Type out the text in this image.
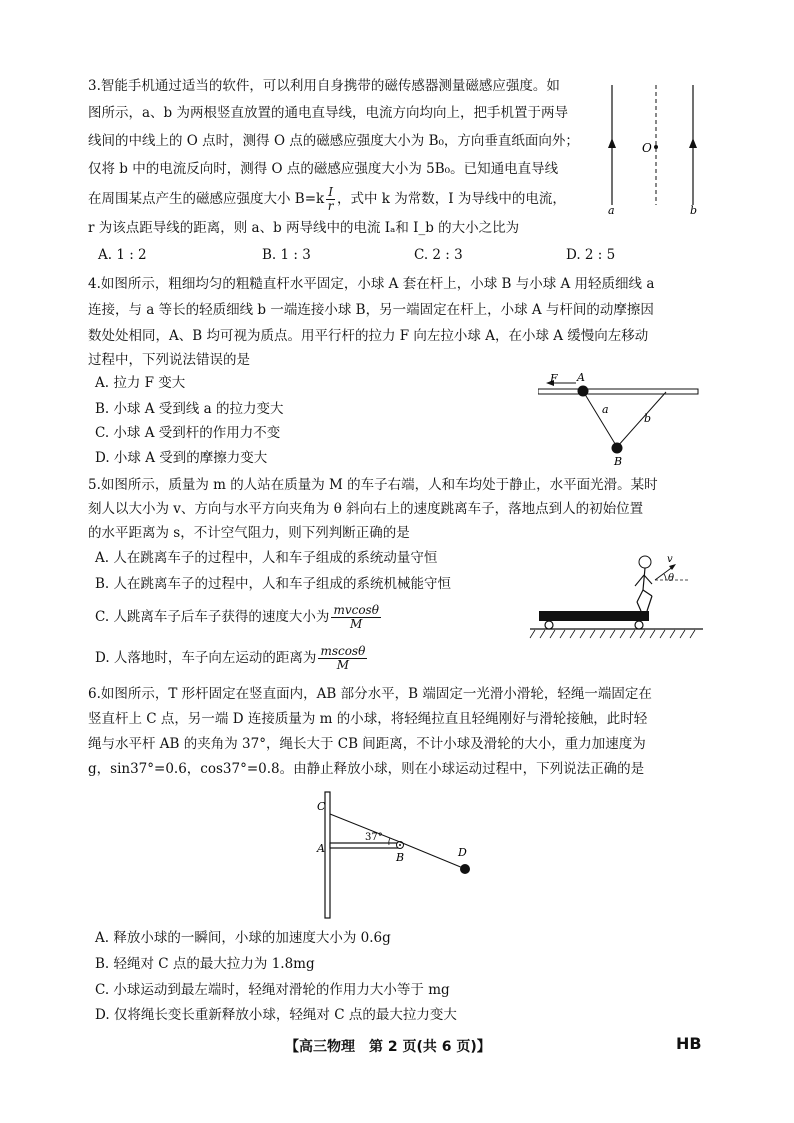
3.智能手机通过适当的软件，可以利用自身携带的磁传感器测量磁感应强度。如
图所示，a、b 为两根竖直放置的通电直导线，电流方向均向上，把手机置于两导
线间的中线上的 O 点时，测得 O 点的磁感应强度大小为 B₀，方向垂直纸面向外；
仅将 b 中的电流反向时，测得 O 点的磁感应强度大小为 5B₀。已知通电直导线
在周围某点产生的磁感应强度大小 $B=k \frac{I}{r}$ ，式中 k 为常数，I 为导线中的电流，
r 为该点距导线的距离，则 a、b 两导线中的电流 Iₐ和 I_b 的大小之比为
A. 1 : 2	B. 1 : 3	C. 2 : 3	D. 2 : 5
a	b
O
4.如图所示，粗细均匀的粗糙直杆水平固定，小球 A 套在杆上，小球 B 与小球 A 用轻质细线 a
连接，与 a 等长的轻质细线 b 一端连接小球 B，另一端固定在杆上，小球 A 与杆间的动摩擦因
数处处相同，A、B 均可视为质点。用平行杆的拉力 F 向左拉小球 A，在小球 A 缓慢向左移动
过程中，下列说法错误的是
A. 拉力 F 变大
B. 小球 A 受到线 a 的拉力变大
C. 小球 A 受到杆的作用力不变
D. 小球 A 受到的摩擦力变大
F A
a
b
B
5.如图所示，质量为 m 的人站在质量为 M 的车子右端，人和车均处于静止，水平面光滑。某时
刻人以大小为 v、方向与水平方向夹角为 θ 斜向右上的速度跳离车子，落地点到人的初始位置
的水平距离为 s，不计空气阻力，则下列判断正确的是
A. 人在跳离车子的过程中，人和车子组成的系统动量守恒
B. 人在跳离车子的过程中，人和车子组成的系统机械能守恒
C. 人跳离车子后车子获得的速度大小为 $\frac{mvcos\theta}{M}$
D. 人落地时，车子向左运动的距离为 $\frac{mscos\theta}{M}$
v
θ
6.如图所示，T 形杆固定在竖直面内，AB 部分水平，B 端固定一光滑小滑轮，轻绳一端固定在
竖直杆上 C 点，另一端 D 连接质量为 m 的小球，将轻绳拉直且轻绳刚好与滑轮接触，此时轻
绳与水平杆 AB 的夹角为 37°，绳长大于 CB 间距离，不计小球及滑轮的大小，重力加速度为
g，sin37°=0.6，cos37°=0.8。由静止释放小球，则在小球运动过程中，下列说法正确的是
C
A
B	D
37°
A. 释放小球的一瞬间，小球的加速度大小为 0.6g
B. 轻绳对 C 点的最大拉力为 1.8mg
C. 小球运动到最左端时，轻绳对滑轮的作用力大小等于 mg
D. 仅将绳长变长重新释放小球，轻绳对 C 点的最大拉力变大
【高三物理　第 2 页(共 6 页)】	HB
